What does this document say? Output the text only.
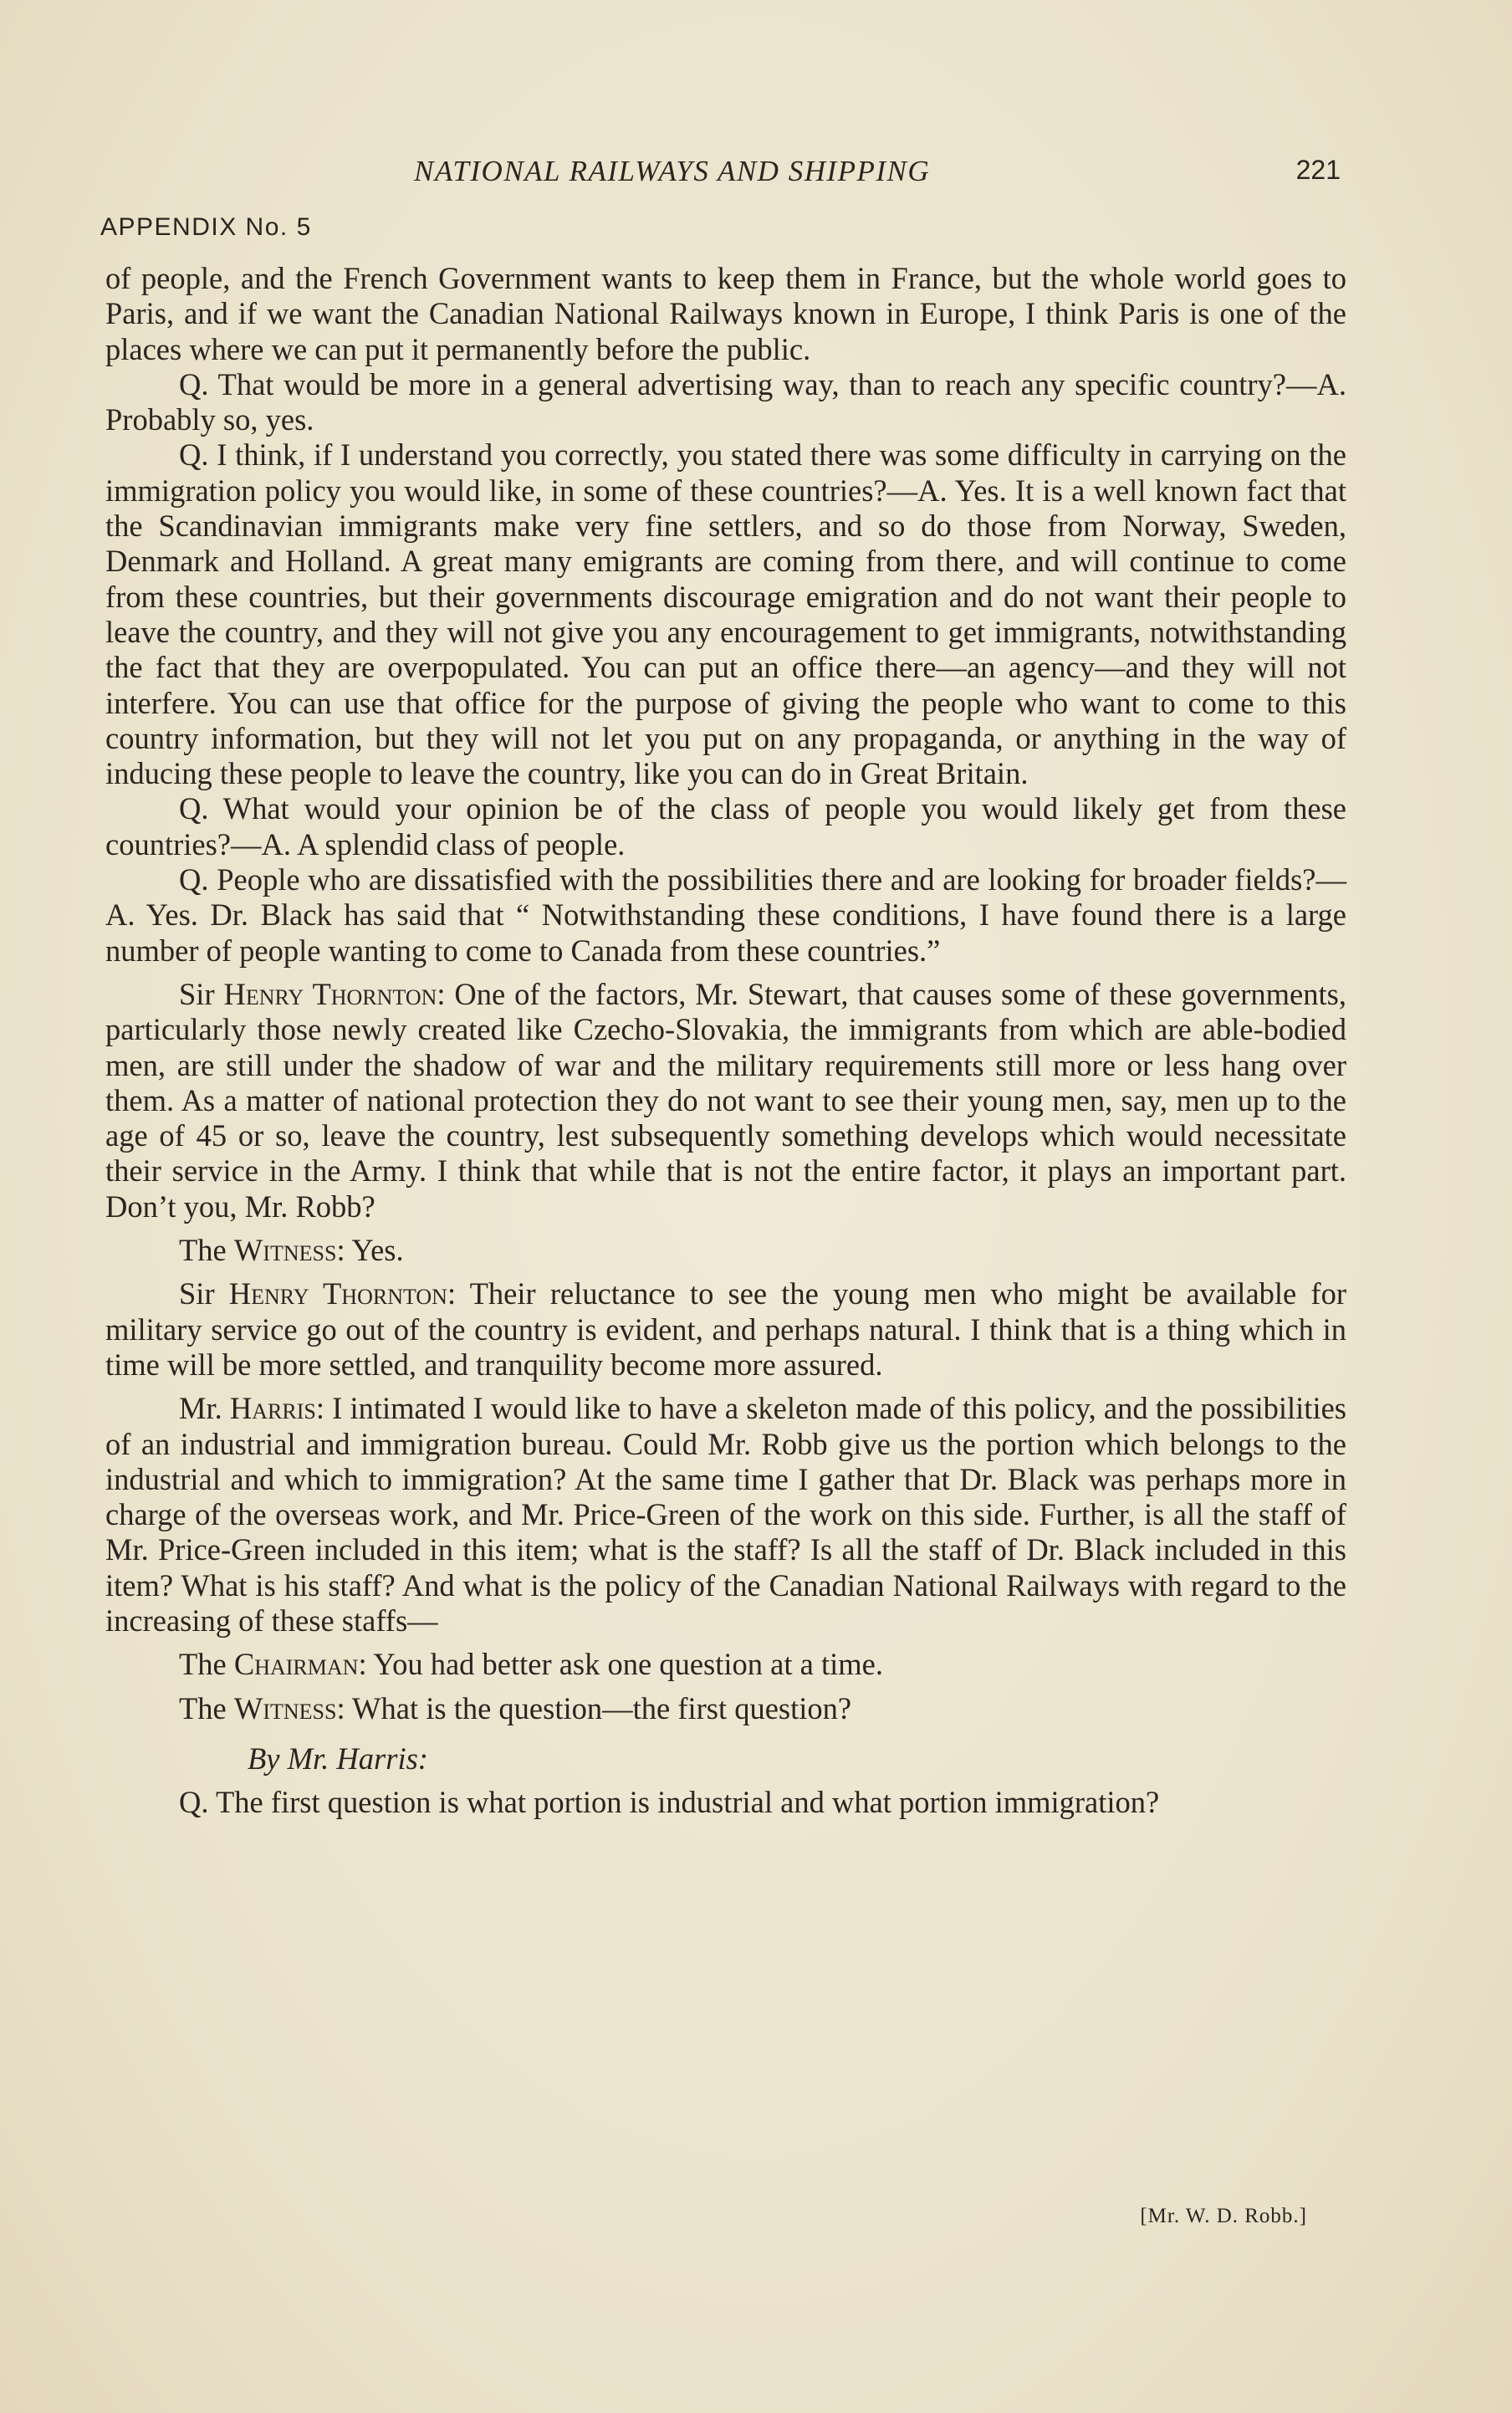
NATIONAL RAILWAYS AND SHIPPING	221
APPENDIX No. 5

of people, and the French Government wants to keep them in France, but the whole world goes to Paris, and if we want the Canadian National Railways known in Europe, I think Paris is one of the places where we can put it permanently before the public.

Q. That would be more in a general advertising way, than to reach any specific country?—A. Probably so, yes.

Q. I think, if I understand you correctly, you stated there was some difficulty in carrying on the immigration policy you would like, in some of these countries?—A. Yes. It is a well known fact that the Scandinavian immigrants make very fine settlers, and so do those from Norway, Sweden, Denmark and Holland. A great many emigrants are coming from there, and will continue to come from these countries, but their governments discourage emigration and do not want their people to leave the country, and they will not give you any encouragement to get immigrants, notwithstanding the fact that they are overpopulated. You can put an office there—an agency—and they will not interfere. You can use that office for the purpose of giving the people who want to come to this country information, but they will not let you put on any propaganda, or anything in the way of inducing these people to leave the country, like you can do in Great Britain.

Q. What would your opinion be of the class of people you would likely get from these countries?—A. A splendid class of people.

Q. People who are dissatisfied with the possibilities there and are looking for broader fields?—A. Yes. Dr. Black has said that “ Notwithstanding these conditions, I have found there is a large number of people wanting to come to Canada from these countries.”

Sir Henry Thornton: One of the factors, Mr. Stewart, that causes some of these governments, particularly those newly created like Czecho-Slovakia, the immigrants from which are able-bodied men, are still under the shadow of war and the military requirements still more or less hang over them. As a matter of national protection they do not want to see their young men, say, men up to the age of 45 or so, leave the country, lest subsequently something develops which would necessitate their service in the Army. I think that while that is not the entire factor, it plays an important part. Don’t you, Mr. Robb?

The Witness: Yes.

Sir Henry Thornton: Their reluctance to see the young men who might be available for military service go out of the country is evident, and perhaps natural. I think that is a thing which in time will be more settled, and tranquility become more assured.

Mr. Harris: I intimated I would like to have a skeleton made of this policy, and the possibilities of an industrial and immigration bureau. Could Mr. Robb give us the portion which belongs to the industrial and which to immigration? At the same time I gather that Dr. Black was perhaps more in charge of the overseas work, and Mr. Price-Green of the work on this side. Further, is all the staff of Mr. Price-Green included in this item; what is the staff? Is all the staff of Dr. Black included in this item? What is his staff? And what is the policy of the Canadian National Railways with regard to the increasing of these staffs—

The Chairman: You had better ask one question at a time.

The Witness: What is the question—the first question?

By Mr. Harris:

Q. The first question is what portion is industrial and what portion immigration?

[Mr. W. D. Robb.]
